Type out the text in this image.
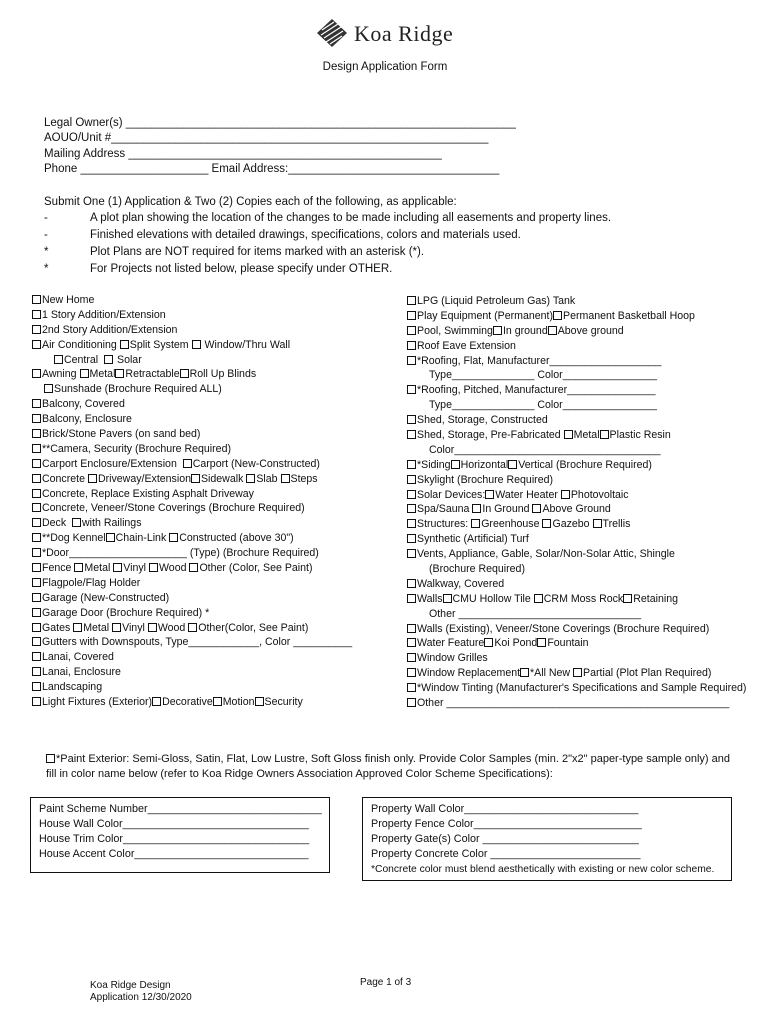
Koa Ridge
Design Application Form
Legal Owner(s) _____________________________________________________________
AOUO/Unit #___________________________________________________________
Mailing Address _________________________________________________
Phone ____________________ Email Address:_________________________________
Submit One (1) Application & Two (2) Copies each of the following, as applicable:
-	A plot plan showing the location of the changes to be made including all easements and property lines.
-	Finished elevations with detailed drawings, specifications, colors and materials used.
*	Plot Plans are NOT required for items marked with an asterisk (*).
*	For Projects not listed below, please specify under OTHER.
New Home
1 Story Addition/Extension
2nd Story Addition/Extension
Air Conditioning Split System Window/Thru Wall
Central Solar
Awning Metal Retractable Roll Up Blinds
Sunshade (Brochure Required ALL)
Balcony, Covered
Balcony, Enclosure
Brick/Stone Pavers (on sand bed)
**Camera, Security (Brochure Required)
Carport Enclosure/Extension Carport (New-Constructed)
Concrete Driveway/Extension Sidewalk Slab Steps
Concrete, Replace Existing Asphalt Driveway
Concrete, Veneer/Stone Coverings (Brochure Required)
Deck with Railings
**Dog Kennel Chain-Link Constructed (above 30")
*Door____________________ (Type) (Brochure Required)
Fence Metal Vinyl Wood Other (Color, See Paint)
Flagpole/Flag Holder
Garage (New-Constructed)
Garage Door (Brochure Required) *
Gates Metal Vinyl Wood Other(Color, See Paint)
Gutters with Downspouts, Type____________, Color __________
Lanai, Covered
Lanai, Enclosure
Landscaping
Light Fixtures (Exterior) Decorative Motion Security
LPG (Liquid Petroleum Gas) Tank
Play Equipment (Permanent) Permanent Basketball Hoop
Pool, Swimming In ground Above ground
Roof Eave Extension
*Roofing, Flat, Manufacturer___________________
Type______________ Color________________
*Roofing, Pitched, Manufacturer_______________
Type______________ Color________________
Shed, Storage, Constructed
Shed, Storage, Pre-Fabricated Metal Plastic Resin
Color___________________________________
*Siding Horizontal Vertical (Brochure Required)
Skylight (Brochure Required)
Solar Devices: Water Heater Photovoltaic
Spa/Sauna In Ground Above Ground
Structures: Greenhouse Gazebo Trellis
Synthetic (Artificial) Turf
Vents, Appliance, Gable, Solar/Non-Solar Attic, Shingle
(Brochure Required)
Walkway, Covered
Walls CMU Hollow Tile CRM Moss Rock Retaining
Other _______________________________
Walls (Existing), Veneer/Stone Coverings (Brochure Required)
Water Feature Koi Pond Fountain
Window Grilles
Window Replacement *All New Partial (Plot Plan Required)
*Window Tinting (Manufacturer's Specifications and Sample Required)
Other ________________________________________________
*Paint Exterior: Semi-Gloss, Satin, Flat, Low Lustre, Soft Gloss finish only. Provide Color Samples (min. 2"x2" paper-type sample only) and fill in color name below (refer to Koa Ridge Owners Association Approved Color Scheme Specifications):
Paint Scheme Number_____________________________
House Wall Color_______________________________
House Trim Color_______________________________
House Accent Color_____________________________
Property Wall Color_____________________________
Property Fence Color____________________________
Property Gate(s) Color __________________________
Property Concrete Color _________________________
*Concrete color must blend aesthetically with existing or new color scheme.
Koa Ridge Design
Application 12/30/2020
Page 1 of 3
